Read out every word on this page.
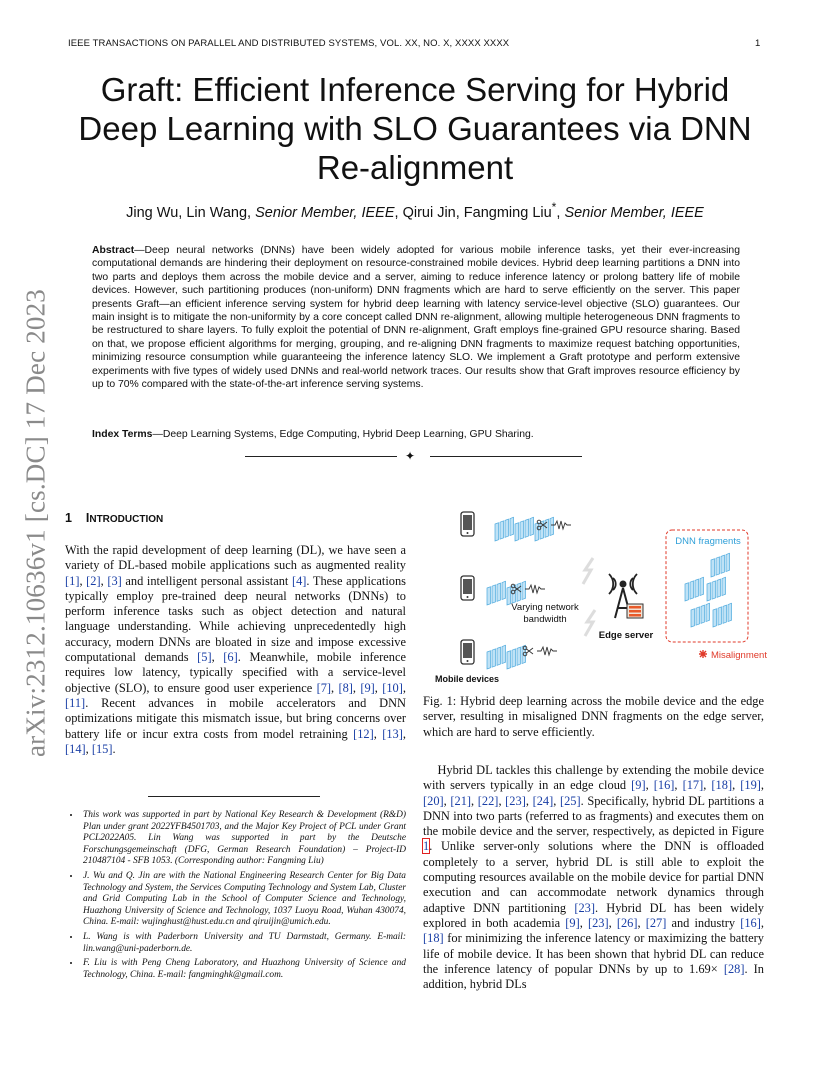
IEEE TRANSACTIONS ON PARALLEL AND DISTRIBUTED SYSTEMS, VOL. XX, NO. X, XXXX XXXX	1
arXiv:2312.10636v1 [cs.DC] 17 Dec 2023
Graft: Efficient Inference Serving for Hybrid Deep Learning with SLO Guarantees via DNN Re-alignment
Jing Wu, Lin Wang, Senior Member, IEEE, Qirui Jin, Fangming Liu*, Senior Member, IEEE
Abstract—Deep neural networks (DNNs) have been widely adopted for various mobile inference tasks, yet their ever-increasing computational demands are hindering their deployment on resource-constrained mobile devices. Hybrid deep learning partitions a DNN into two parts and deploys them across the mobile device and a server, aiming to reduce inference latency or prolong battery life of mobile devices. However, such partitioning produces (non-uniform) DNN fragments which are hard to serve efficiently on the server. This paper presents Graft—an efficient inference serving system for hybrid deep learning with latency service-level objective (SLO) guarantees. Our main insight is to mitigate the non-uniformity by a core concept called DNN re-alignment, allowing multiple heterogeneous DNN fragments to be restructured to share layers. To fully exploit the potential of DNN re-alignment, Graft employs fine-grained GPU resource sharing. Based on that, we propose efficient algorithms for merging, grouping, and re-aligning DNN fragments to maximize request batching opportunities, minimizing resource consumption while guaranteeing the inference latency SLO. We implement a Graft prototype and perform extensive experiments with five types of widely used DNNs and real-world network traces. Our results show that Graft improves resource efficiency by up to 70% compared with the state-of-the-art inference serving systems.
Index Terms—Deep Learning Systems, Edge Computing, Hybrid Deep Learning, GPU Sharing.
✦
1 INTRODUCTION
With the rapid development of deep learning (DL), we have seen a variety of DL-based mobile applications such as augmented reality [1], [2], [3] and intelligent personal assistant [4]. These applications typically employ pre-trained deep neural networks (DNNs) to perform inference tasks such as object detection and natural language understanding. While achieving unprecedentedly high accuracy, modern DNNs are bloated in size and impose excessive computational demands [5], [6]. Meanwhile, mobile inference requires low latency, typically specified with a service-level objective (SLO), to ensure good user experience [7], [8], [9], [10], [11]. Recent advances in mobile accelerators and DNN optimizations mitigate this mismatch issue, but bring concerns over battery life or incur extra costs from model retraining [12], [13], [14], [15].
• This work was supported in part by National Key Research & Development (R&D) Plan under grant 2022YFB4501703, and the Major Key Project of PCL under Grant PCL2022A05. Lin Wang was supported in part by the Deutsche Forschungsgemeinschaft (DFG, German Research Foundation) – Project-ID 210487104 - SFB 1053. (Corresponding author: Fangming Liu)
• J. Wu and Q. Jin are with the National Engineering Research Center for Big Data Technology and System, the Services Computing Technology and System Lab, Cluster and Grid Computing Lab in the School of Computer Science and Technology, Huazhong University of Science and Technology, 1037 Luoyu Road, Wuhan 430074, China. E-mail: wujinghust@hust.edu.cn and qiruijin@umich.edu.
• L. Wang is with Paderborn University and TU Darmstadt, Germany. E-mail: lin.wang@uni-paderborn.de.
• F. Liu is with Peng Cheng Laboratory, and Huazhong University of Science and Technology, China. E-mail: fangminghk@gmail.com.
Varying network
bandwidth
Edge server
DNN fragments
Misalignment
Mobile devices
Fig. 1: Hybrid deep learning across the mobile device and the edge server, resulting in misaligned DNN fragments on the edge server, which are hard to serve efficiently.
Hybrid DL tackles this challenge by extending the mobile device with servers typically in an edge cloud [9], [16], [17], [18], [19], [20], [21], [22], [23], [24], [25]. Specifically, hybrid DL partitions a DNN into two parts (referred to as fragments) and executes them on the mobile device and the server, respectively, as depicted in Figure 1. Unlike server-only solutions where the DNN is offloaded completely to a server, hybrid DL is still able to exploit the computing resources available on the mobile device for partial DNN execution and can accommodate network dynamics through adaptive DNN partitioning [23]. Hybrid DL has been widely explored in both academia [9], [23], [26], [27] and industry [16], [18] for minimizing the inference latency or maximizing the battery life of mobile device. It has been shown that hybrid DL can reduce the inference latency of popular DNNs by up to 1.69× [28]. In addition, hybrid DLs
